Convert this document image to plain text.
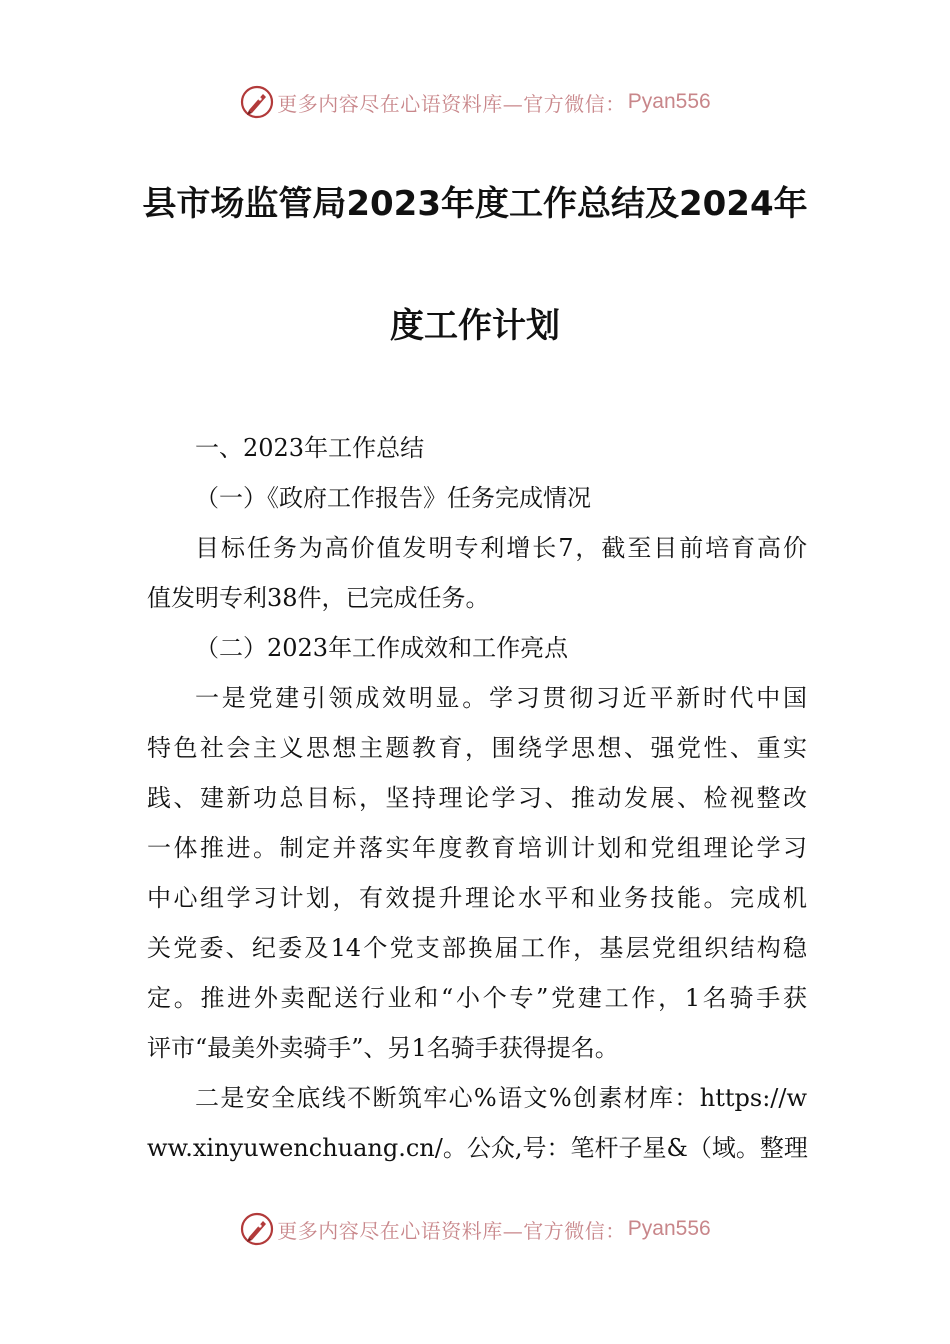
更多内容尽在心语资料库—官方微信： Pyan556
县市场监管局2023年度工作总结及2024年
度工作计划
一、2023年工作总结
（一）《政府工作报告》任务完成情况
目标任务为高价值发明专利增长7，截至目前培育高价
值发明专利38件，已完成任务。
（二）2023年工作成效和工作亮点
一是党建引领成效明显。学习贯彻习近平新时代中国
特色社会主义思想主题教育，围绕学思想、强党性、重实
践、建新功总目标，坚持理论学习、推动发展、检视整改
一体推进。制定并落实年度教育培训计划和党组理论学习
中心组学习计划，有效提升理论水平和业务技能。完成机
关党委、纪委及14个党支部换届工作，基层党组织结构稳
定。推进外卖配送行业和“小个专”党建工作，1名骑手获
评市“最美外卖骑手”、另1名骑手获得提名。
二是安全底线不断筑牢心%语文%创素材库：https://w
ww.xinyuwenchuang.cn/。公众,号：笔杆子星&（域。整理
更多内容尽在心语资料库—官方微信： Pyan556
